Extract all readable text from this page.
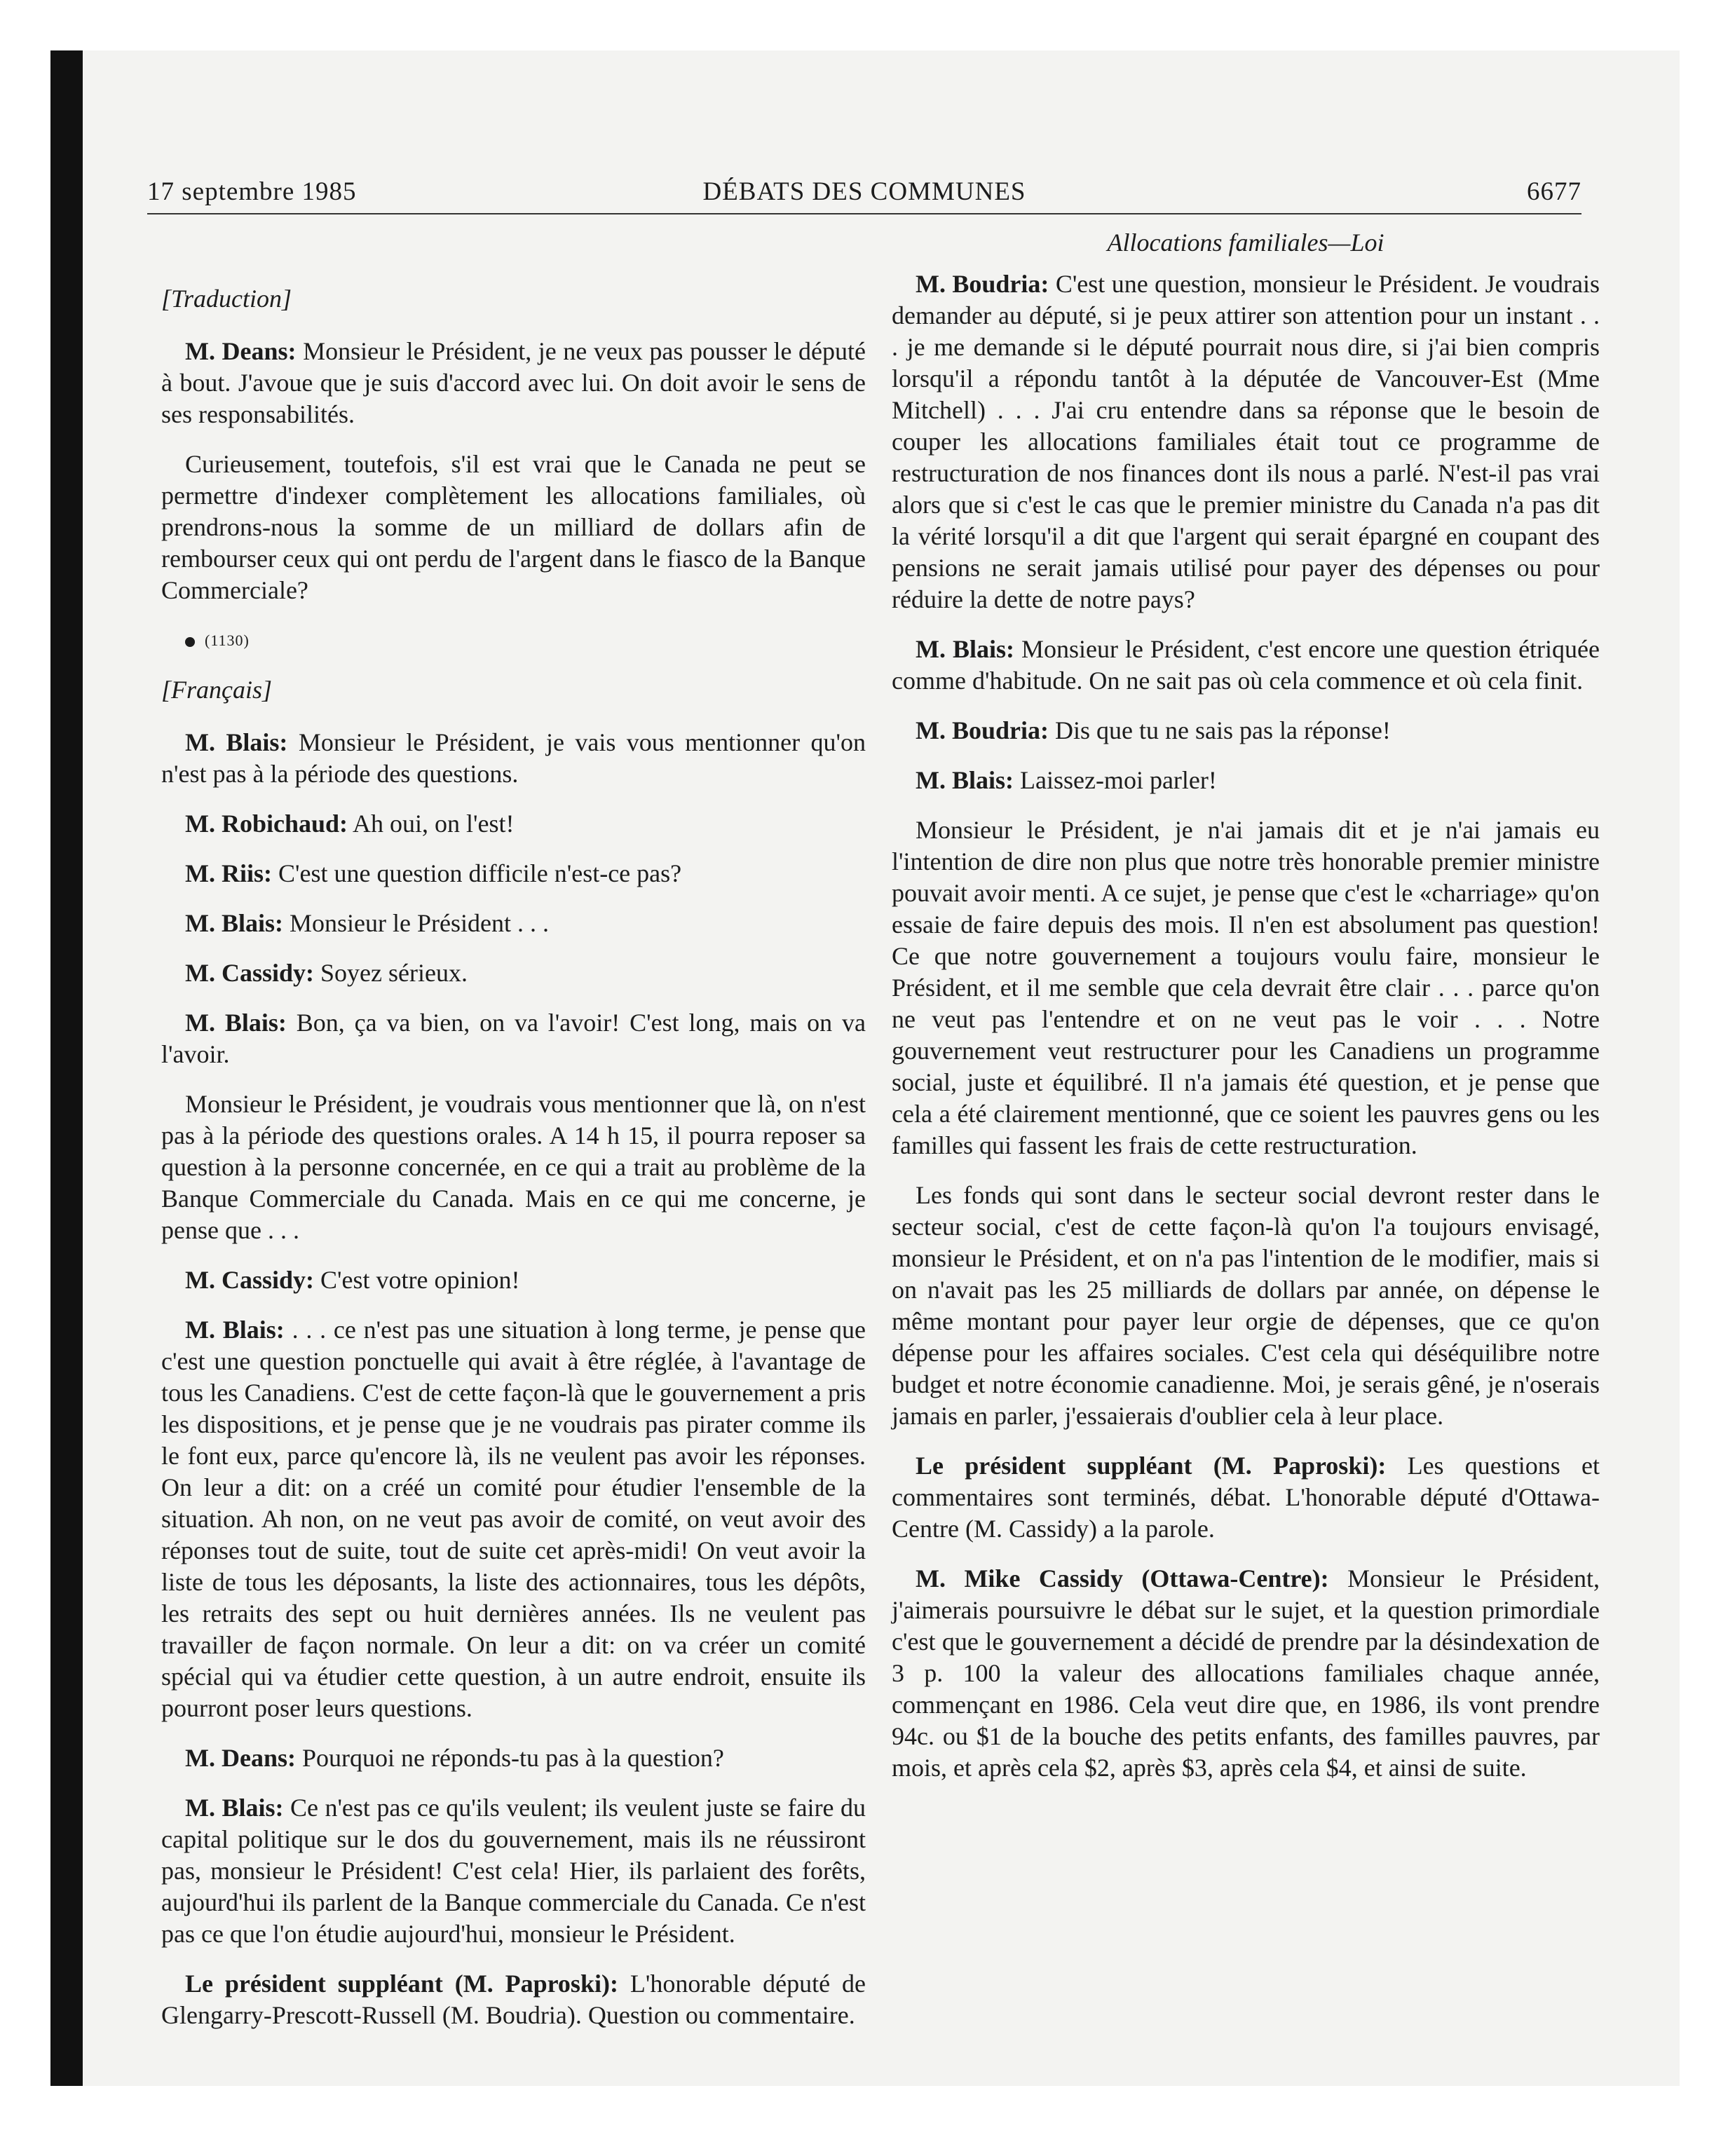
17 septembre 1985	DÉBATS DES COMMUNES	6677

[Traduction]

M. Deans: Monsieur le Président, je ne veux pas pousser le député à bout. J'avoue que je suis d'accord avec lui. On doit avoir le sens de ses responsabilités.

Curieusement, toutefois, s'il est vrai que le Canada ne peut se permettre d'indexer complètement les allocations familiales, où prendrons-nous la somme de un milliard de dollars afin de rembourser ceux qui ont perdu de l'argent dans le fiasco de la Banque Commerciale?

(1130)

[Français]

M. Blais: Monsieur le Président, je vais vous mentionner qu'on n'est pas à la période des questions.

M. Robichaud: Ah oui, on l'est!

M. Riis: C'est une question difficile n'est-ce pas?

M. Blais: Monsieur le Président . . .

M. Cassidy: Soyez sérieux.

M. Blais: Bon, ça va bien, on va l'avoir! C'est long, mais on va l'avoir.

Monsieur le Président, je voudrais vous mentionner que là, on n'est pas à la période des questions orales. A 14 h 15, il pourra reposer sa question à la personne concernée, en ce qui a trait au problème de la Banque Commerciale du Canada. Mais en ce qui me concerne, je pense que . . .

M. Cassidy: C'est votre opinion!

M. Blais: . . . ce n'est pas une situation à long terme, je pense que c'est une question ponctuelle qui avait à être réglée, à l'avantage de tous les Canadiens. C'est de cette façon-là que le gouvernement a pris les dispositions, et je pense que je ne voudrais pas pirater comme ils le font eux, parce qu'encore là, ils ne veulent pas avoir les réponses. On leur a dit: on a créé un comité pour étudier l'ensemble de la situation. Ah non, on ne veut pas avoir de comité, on veut avoir des réponses tout de suite, tout de suite cet après-midi! On veut avoir la liste de tous les déposants, la liste des actionnaires, tous les dépôts, les retraits des sept ou huit dernières années. Ils ne veulent pas travailler de façon normale. On leur a dit: on va créer un comité spécial qui va étudier cette question, à un autre endroit, ensuite ils pourront poser leurs questions.

M. Deans: Pourquoi ne réponds-tu pas à la question?

M. Blais: Ce n'est pas ce qu'ils veulent; ils veulent juste se faire du capital politique sur le dos du gouvernement, mais ils ne réussiront pas, monsieur le Président! C'est cela! Hier, ils parlaient des forêts, aujourd'hui ils parlent de la Banque commerciale du Canada. Ce n'est pas ce que l'on étudie aujourd'hui, monsieur le Président.

Le président suppléant (M. Paproski): L'honorable député de Glengarry-Prescott-Russell (M. Boudria). Question ou commentaire.

Allocations familiales—Loi

M. Boudria: C'est une question, monsieur le Président. Je voudrais demander au député, si je peux attirer son attention pour un instant . . . je me demande si le député pourrait nous dire, si j'ai bien compris lorsqu'il a répondu tantôt à la députée de Vancouver-Est (Mme Mitchell) . . . J'ai cru entendre dans sa réponse que le besoin de couper les allocations familiales était tout ce programme de restructuration de nos finances dont ils nous a parlé. N'est-il pas vrai alors que si c'est le cas que le premier ministre du Canada n'a pas dit la vérité lorsqu'il a dit que l'argent qui serait épargné en coupant des pensions ne serait jamais utilisé pour payer des dépenses ou pour réduire la dette de notre pays?

M. Blais: Monsieur le Président, c'est encore une question étriquée comme d'habitude. On ne sait pas où cela commence et où cela finit.

M. Boudria: Dis que tu ne sais pas la réponse!

M. Blais: Laissez-moi parler!

Monsieur le Président, je n'ai jamais dit et je n'ai jamais eu l'intention de dire non plus que notre très honorable premier ministre pouvait avoir menti. A ce sujet, je pense que c'est le «charriage» qu'on essaie de faire depuis des mois. Il n'en est absolument pas question! Ce que notre gouvernement a toujours voulu faire, monsieur le Président, et il me semble que cela devrait être clair . . . parce qu'on ne veut pas l'entendre et on ne veut pas le voir . . . Notre gouvernement veut restructurer pour les Canadiens un programme social, juste et équilibré. Il n'a jamais été question, et je pense que cela a été clairement mentionné, que ce soient les pauvres gens ou les familles qui fassent les frais de cette restructuration.

Les fonds qui sont dans le secteur social devront rester dans le secteur social, c'est de cette façon-là qu'on l'a toujours envisagé, monsieur le Président, et on n'a pas l'intention de le modifier, mais si on n'avait pas les 25 milliards de dollars par année, on dépense le même montant pour payer leur orgie de dépenses, que ce qu'on dépense pour les affaires sociales. C'est cela qui déséquilibre notre budget et notre économie canadienne. Moi, je serais gêné, je n'oserais jamais en parler, j'essaierais d'oublier cela à leur place.

Le président suppléant (M. Paproski): Les questions et commentaires sont terminés, débat. L'honorable député d'Ottawa-Centre (M. Cassidy) a la parole.

M. Mike Cassidy (Ottawa-Centre): Monsieur le Président, j'aimerais poursuivre le débat sur le sujet, et la question primordiale c'est que le gouvernement a décidé de prendre par la désindexation de 3 p. 100 la valeur des allocations familiales chaque année, commençant en 1986. Cela veut dire que, en 1986, ils vont prendre 94c. ou $1 de la bouche des petits enfants, des familles pauvres, par mois, et après cela $2, après $3, après cela $4, et ainsi de suite.
